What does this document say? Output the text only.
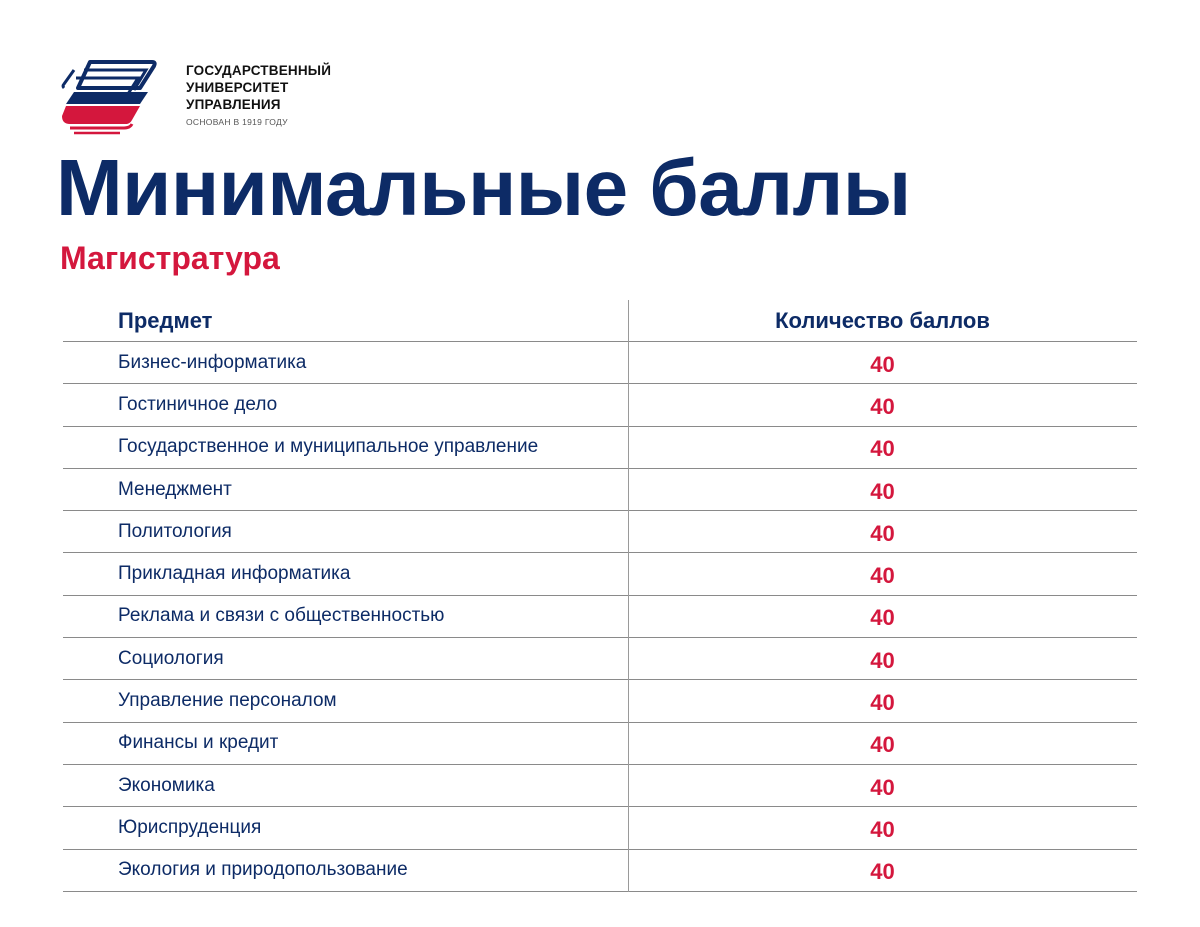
ГОСУДАРСТВЕННЫЙ
УНИВЕРСИТЕТ
УПРАВЛЕНИЯ
ОСНОВАН В 1919 ГОДУ
Минимальные баллы
Магистратура
Предмет	Количество баллов
Бизнес-информатика	40
Гостиничное дело	40
Государственное и муниципальное управление	40
Менеджмент	40
Политология	40
Прикладная информатика	40
Реклама и связи с общественностью	40
Социология	40
Управление персоналом	40
Финансы и кредит	40
Экономика	40
Юриспруденция	40
Экология и природопользование	40
